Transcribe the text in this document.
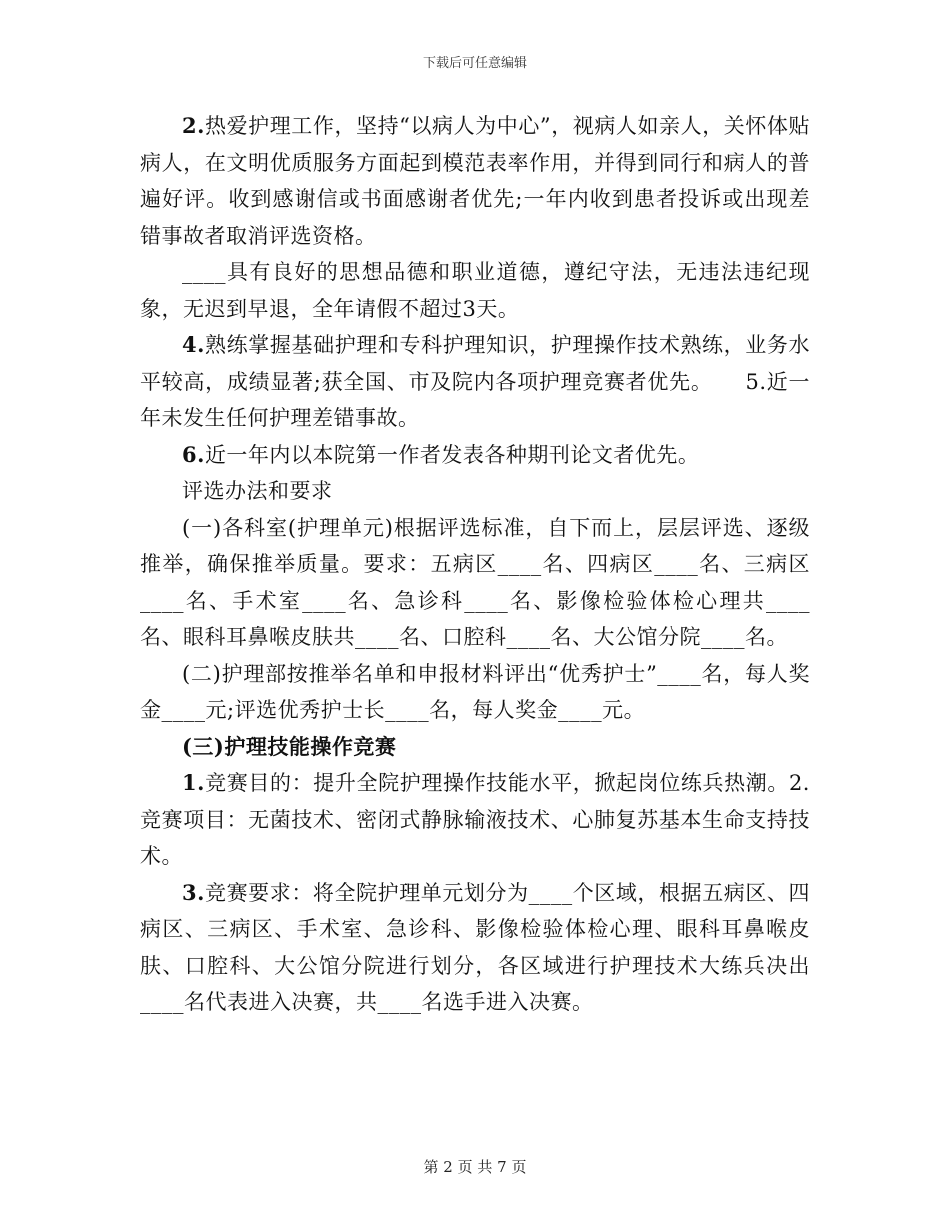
下载后可任意编辑

2.热爱护理工作，坚持“以病人为中心”，视病人如亲人，关怀体贴病人，在文明优质服务方面起到模范表率作用，并得到同行和病人的普遍好评。收到感谢信或书面感谢者优先;一年内收到患者投诉或出现差错事故者取消评选资格。

____具有良好的思想品德和职业道德，遵纪守法，无违法违纪现象，无迟到早退，全年请假不超过3天。

4.熟练掌握基础护理和专科护理知识，护理操作技术熟练，业务水平较高，成绩显著;获全国、市及院内各项护理竞赛者优先。　　5.近一年未发生任何护理差错事故。

6.近一年内以本院第一作者发表各种期刊论文者优先。

评选办法和要求

(一)各科室(护理单元)根据评选标准，自下而上，层层评选、逐级推举，确保推举质量。要求：五病区____名、四病区____名、三病区____名、手术室____名、急诊科____名、影像检验体检心理共____名、眼科耳鼻喉皮肤共____名、口腔科____名、大公馆分院____名。

(二)护理部按推举名单和申报材料评出“优秀护士”____名，每人奖金____元;评选优秀护士长____名，每人奖金____元。

(三)护理技能操作竞赛

1.竞赛目的：提升全院护理操作技能水平，掀起岗位练兵热潮。2.竞赛项目：无菌技术、密闭式静脉输液技术、心肺复苏基本生命支持技术。

3.竞赛要求：将全院护理单元划分为____个区域，根据五病区、四病区、三病区、手术室、急诊科、影像检验体检心理、眼科耳鼻喉皮肤、口腔科、大公馆分院进行划分，各区域进行护理技术大练兵决出____名代表进入决赛，共____名选手进入决赛。

第 2 页 共 7 页
